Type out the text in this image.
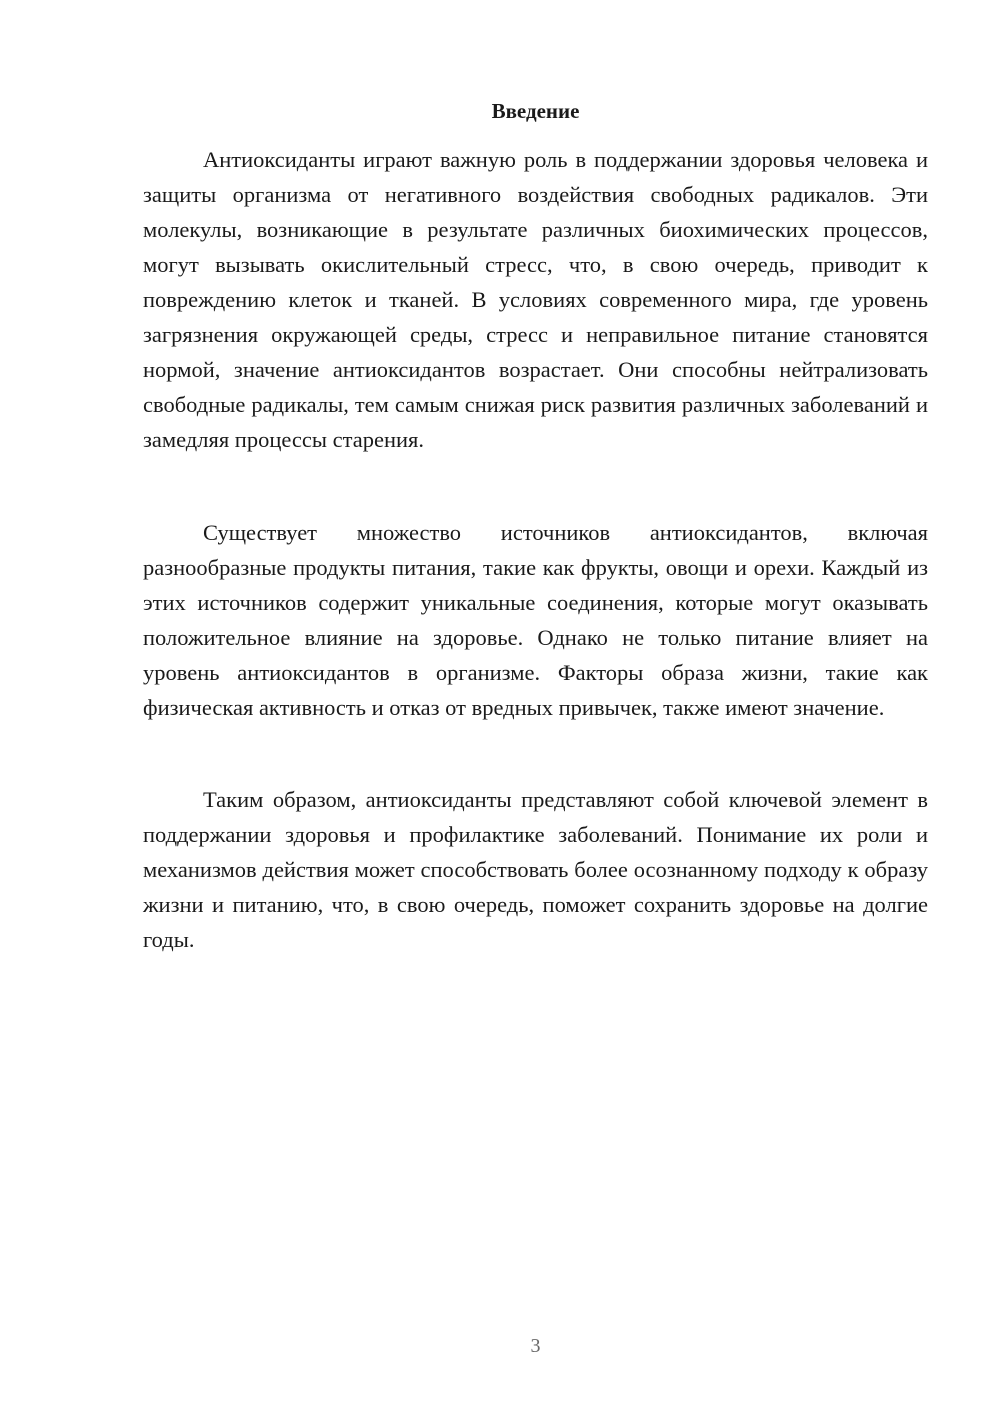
Введение

Антиоксиданты играют важную роль в поддержании здоровья человека и защиты организма от негативного воздействия свободных радикалов. Эти молекулы, возникающие в результате различных биохимических процессов, могут вызывать окислительный стресс, что, в свою очередь, приводит к повреждению клеток и тканей. В условиях современного мира, где уровень загрязнения окружающей среды, стресс и неправильное питание становятся нормой, значение антиоксидантов возрастает. Они способны нейтрализовать свободные радикалы, тем самым снижая риск развития различных заболеваний и замедляя процессы старения.

Существует множество источников антиоксидантов, включая разнообразные продукты питания, такие как фрукты, овощи и орехи. Каждый из этих источников содержит уникальные соединения, которые могут оказывать положительное влияние на здоровье. Однако не только питание влияет на уровень антиоксидантов в организме. Факторы образа жизни, такие как физическая активность и отказ от вредных привычек, также имеют значение.

Таким образом, антиоксиданты представляют собой ключевой элемент в поддержании здоровья и профилактике заболеваний. Понимание их роли и механизмов действия может способствовать более осознанному подходу к образу жизни и питанию, что, в свою очередь, поможет сохранить здоровье на долгие годы.

3
